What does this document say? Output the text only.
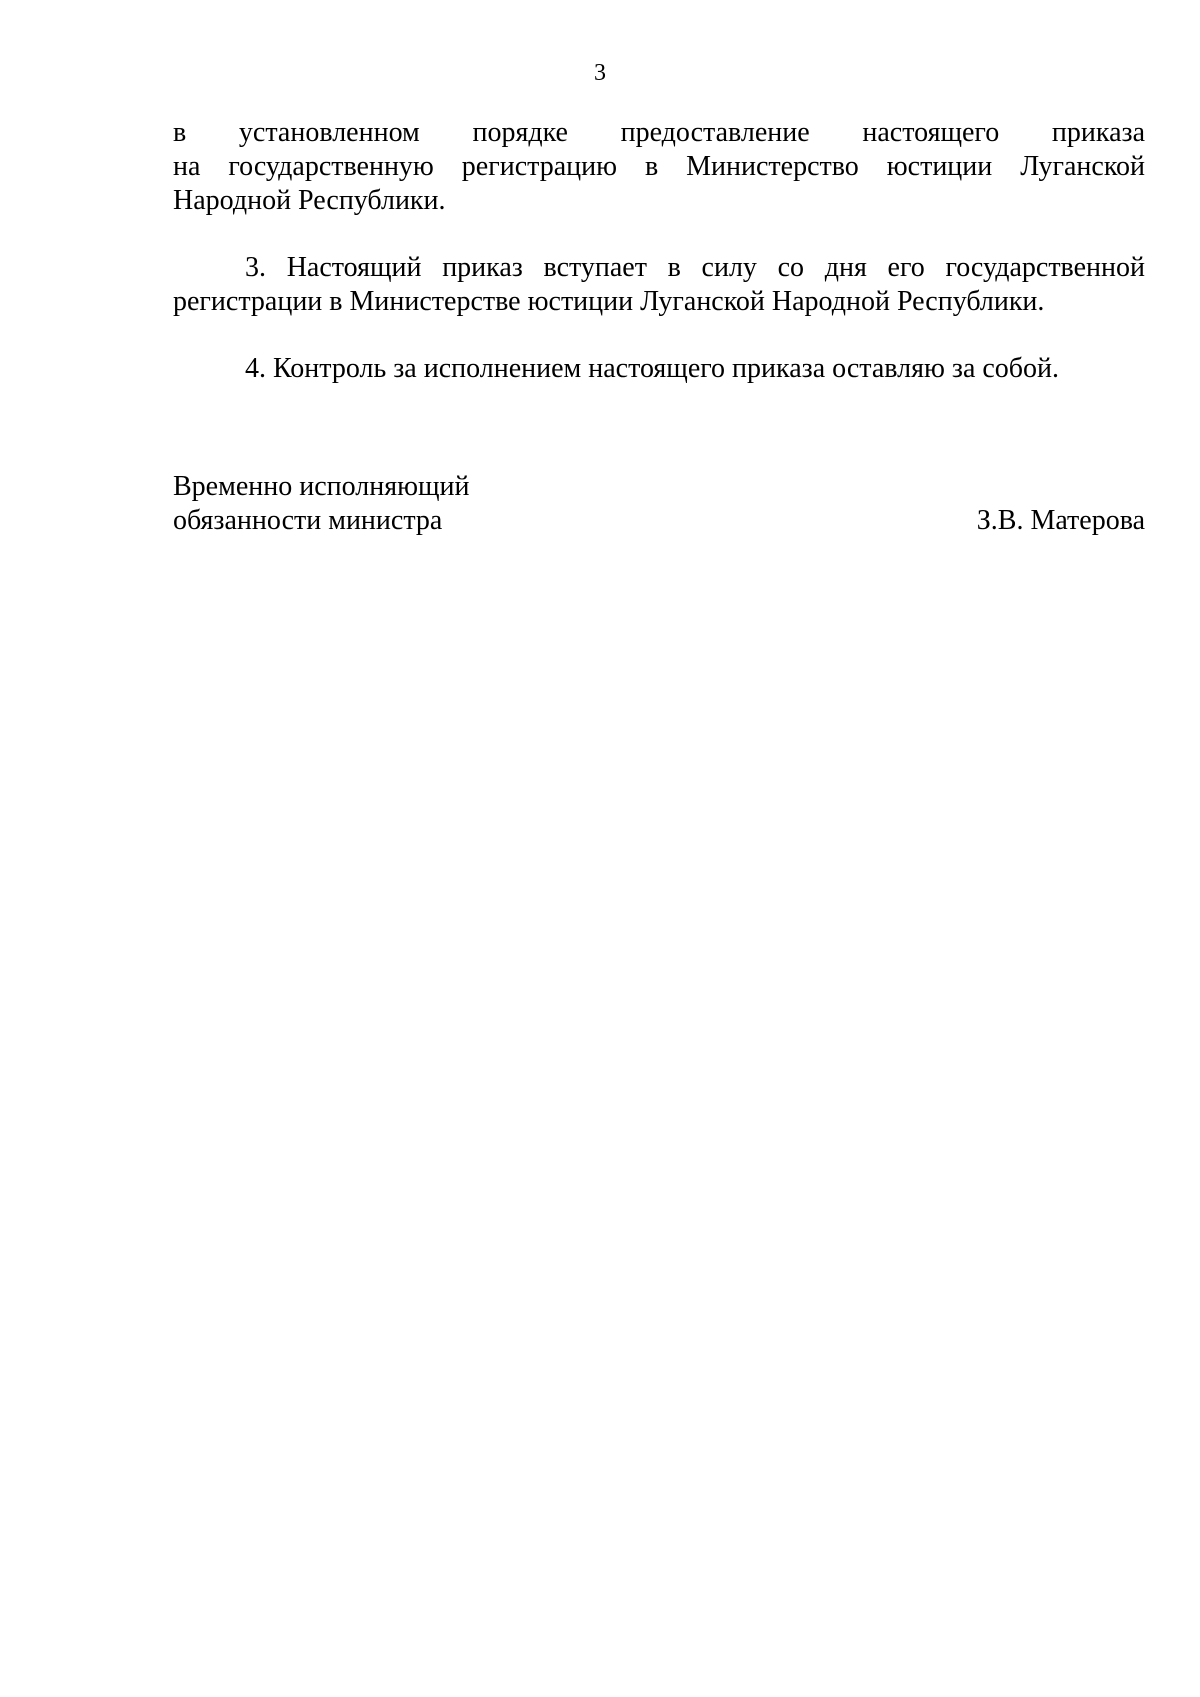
3
в установленном порядке предоставление настоящего приказа
на государственную регистрацию в Министерство юстиции Луганской
Народной Республики.
3. Настоящий приказ вступает в силу со дня его государственной
регистрации в Министерстве юстиции Луганской Народной Республики.
4. Контроль за исполнением настоящего приказа оставляю за собой.
Временно исполняющий
обязанности министра	З.В. Матерова
